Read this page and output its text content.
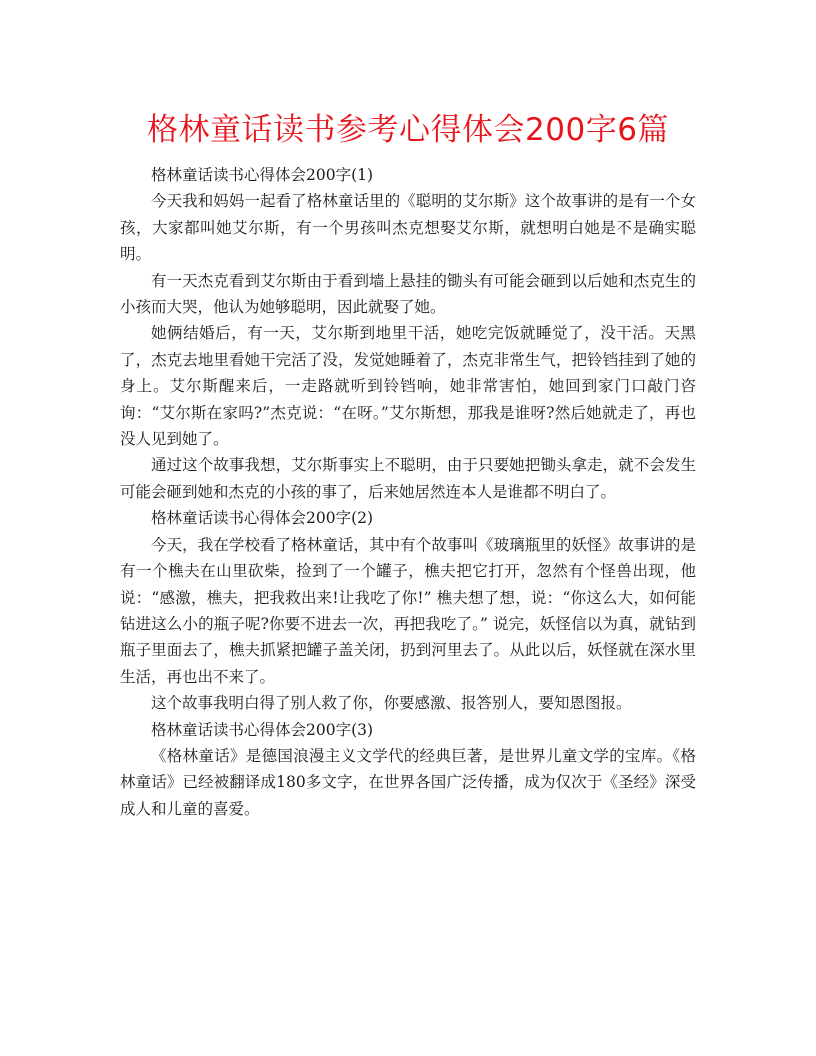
格林童话读书参考心得体会200字6篇

格林童话读书心得体会200字(1)

今天我和妈妈一起看了格林童话里的《聪明的艾尔斯》这个故事讲的是有一个女孩，大家都叫她艾尔斯，有一个男孩叫杰克想娶艾尔斯，就想明白她是不是确实聪明。

有一天杰克看到艾尔斯由于看到墙上悬挂的锄头有可能会砸到以后她和杰克生的小孩而大哭，他认为她够聪明，因此就娶了她。

她俩结婚后，有一天，艾尔斯到地里干活，她吃完饭就睡觉了，没干活。天黑了，杰克去地里看她干完活了没，发觉她睡着了，杰克非常生气，把铃铛挂到了她的身上。艾尔斯醒来后，一走路就听到铃铛响，她非常害怕，她回到家门口敲门咨询：“艾尔斯在家吗?”杰克说：“在呀。”艾尔斯想，那我是谁呀?然后她就走了，再也没人见到她了。

通过这个故事我想，艾尔斯事实上不聪明，由于只要她把锄头拿走，就不会发生可能会砸到她和杰克的小孩的事了，后来她居然连本人是谁都不明白了。

格林童话读书心得体会200字(2)

今天，我在学校看了格林童话，其中有个故事叫《玻璃瓶里的妖怪》故事讲的是 有一个樵夫在山里砍柴，捡到了一个罐子，樵夫把它打开，忽然有个怪兽出现，他说：“感激，樵夫，把我救出来!让我吃了你!” 樵夫想了想，说：“你这么大，如何能钻进这么小的瓶子呢?你要不进去一次，再把我吃了。” 说完，妖怪信以为真，就钻到瓶子里面去了，樵夫抓紧把罐子盖关闭，扔到河里去了。从此以后，妖怪就在深水里生活，再也出不来了。

这个故事我明白得了别人救了你，你要感激、报答别人，要知恩图报。

格林童话读书心得体会200字(3)

《格林童话》是德国浪漫主义文学代的经典巨著，是世界儿童文学的宝库。《格林童话》已经被翻译成180多文字，在世界各国广泛传播，成为仅次于《圣经》深受成人和儿童的喜爱。
